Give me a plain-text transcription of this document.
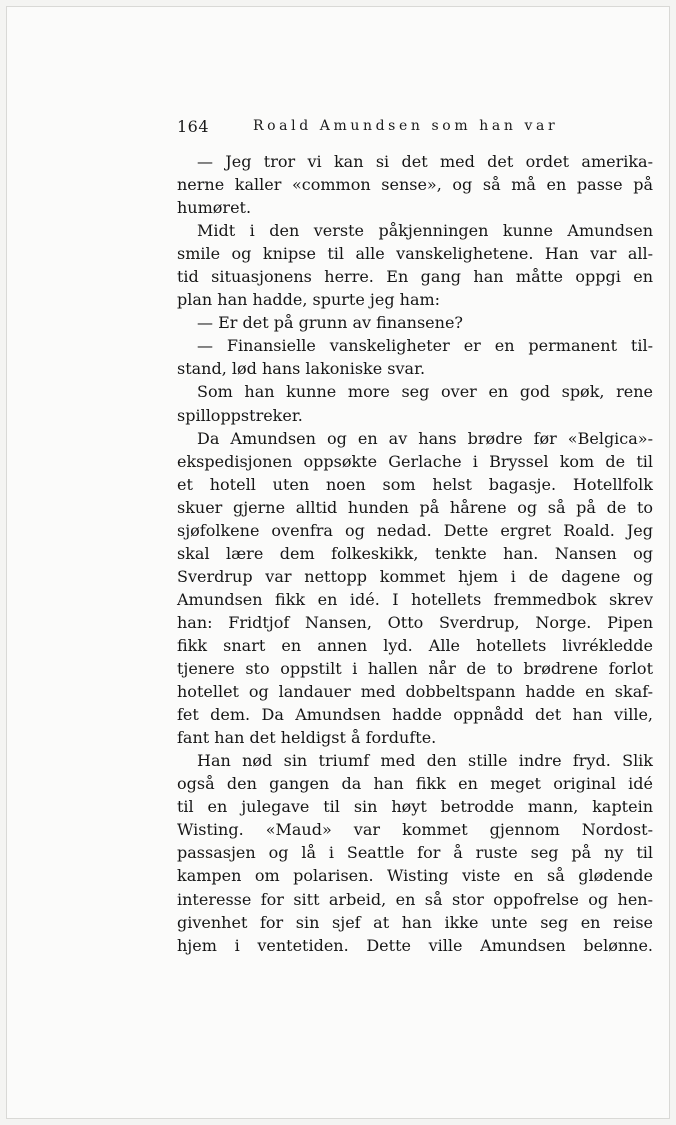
164	Roald Amundsen som han var
— Jeg tror vi kan si det med det ordet amerika-
nerne kaller «common sense», og så må en passe på
humøret.
Midt i den verste påkjenningen kunne Amundsen
smile og knipse til alle vanskelighetene. Han var all-
tid situasjonens herre. En gang han måtte oppgi en
plan han hadde, spurte jeg ham:
— Er det på grunn av finansene?
— Finansielle vanskeligheter er en permanent til-
stand, lød hans lakoniske svar.
Som han kunne more seg over en god spøk, rene
spilloppstreker.
Da Amundsen og en av hans brødre før «Belgica»-
ekspedisjonen oppsøkte Gerlache i Bryssel kom de til
et hotell uten noen som helst bagasje. Hotellfolk
skuer gjerne alltid hunden på hårene og så på de to
sjøfolkene ovenfra og nedad. Dette ergret Roald. Jeg
skal lære dem folkeskikk, tenkte han. Nansen og
Sverdrup var nettopp kommet hjem i de dagene og
Amundsen fikk en idé. I hotellets fremmedbok skrev
han: Fridtjof Nansen, Otto Sverdrup, Norge. Pipen
fikk snart en annen lyd. Alle hotellets livrékledde
tjenere sto oppstilt i hallen når de to brødrene forlot
hotellet og landauer med dobbeltspann hadde en skaf-
fet dem. Da Amundsen hadde oppnådd det han ville,
fant han det heldigst å fordufte.
Han nød sin triumf med den stille indre fryd. Slik
også den gangen da han fikk en meget original idé
til en julegave til sin høyt betrodde mann, kaptein
Wisting. «Maud» var kommet gjennom Nordost-
passasjen og lå i Seattle for å ruste seg på ny til
kampen om polarisen. Wisting viste en så glødende
interesse for sitt arbeid, en så stor oppofrelse og hen-
givenhet for sin sjef at han ikke unte seg en reise
hjem i ventetiden. Dette ville Amundsen belønne.
